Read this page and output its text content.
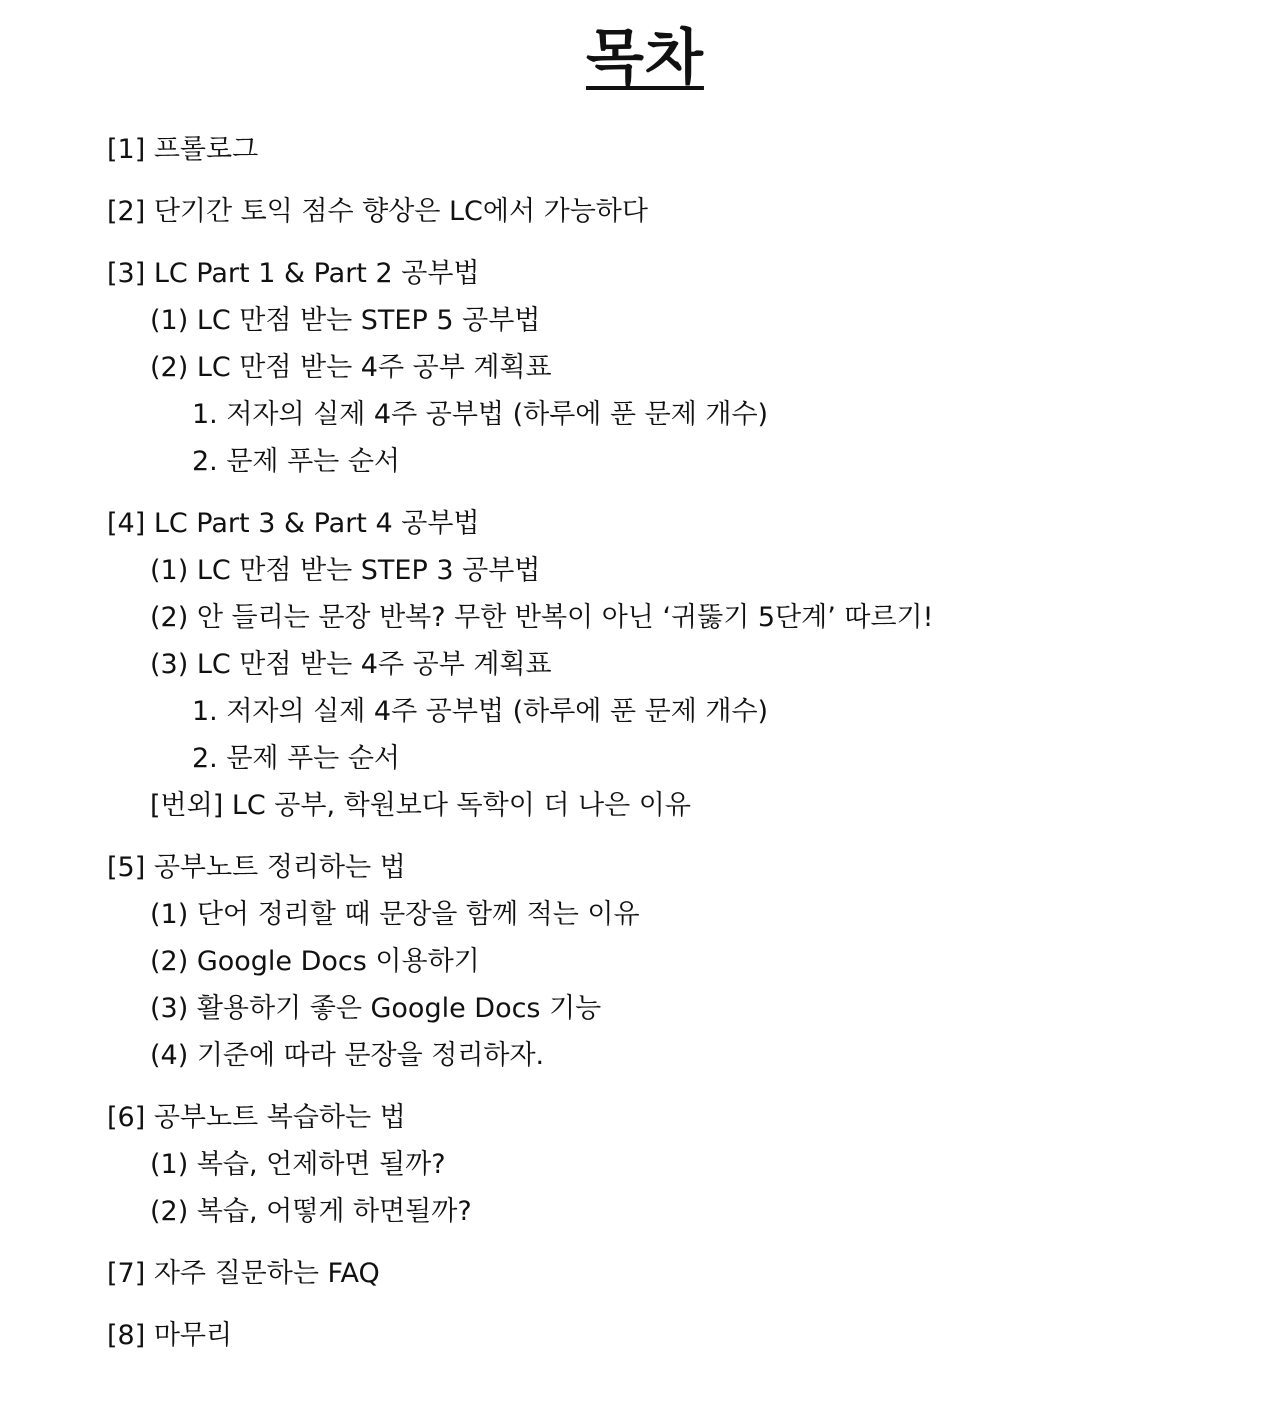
목차
[1] 프롤로그
[2] 단기간 토익 점수 향상은 LC에서 가능하다
[3] LC Part 1 & Part 2 공부법
(1) LC 만점 받는 STEP 5 공부법
(2) LC 만점 받는 4주 공부 계획표
1. 저자의 실제 4주 공부법 (하루에 푼 문제 개수)
2. 문제 푸는 순서
[4] LC Part 3 & Part 4 공부법
(1) LC 만점 받는 STEP 3 공부법
(2) 안 들리는 문장 반복? 무한 반복이 아닌 ‘귀뚫기 5단계’ 따르기!
(3) LC 만점 받는 4주 공부 계획표
1. 저자의 실제 4주 공부법 (하루에 푼 문제 개수)
2. 문제 푸는 순서
[번외] LC 공부, 학원보다 독학이 더 나은 이유
[5] 공부노트 정리하는 법
(1) 단어 정리할 때 문장을 함께 적는 이유
(2) Google Docs 이용하기
(3) 활용하기 좋은 Google Docs 기능
(4) 기준에 따라 문장을 정리하자.
[6] 공부노트 복습하는 법
(1) 복습, 언제하면 될까?
(2) 복습, 어떻게 하면될까?
[7] 자주 질문하는 FAQ
[8] 마무리
